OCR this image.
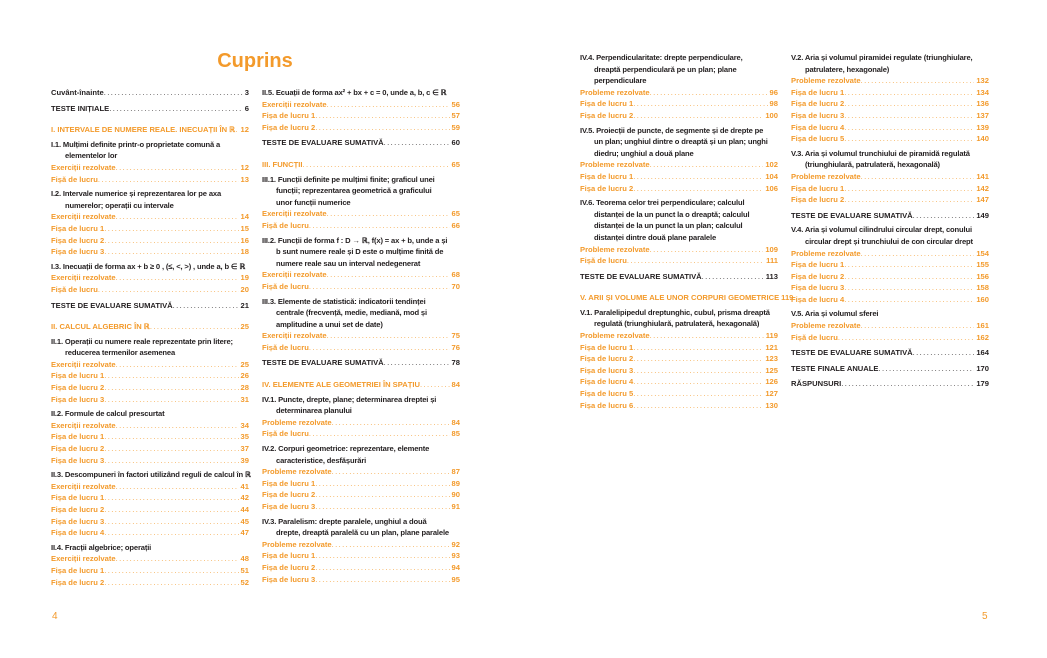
Cuprins
4	5
Cuvânt-înainte .....	3
TESTE INIȚIALE .....	6
I. INTERVALE DE NUMERE REALE. INECUAȚII ÎN ℝ ..... 12
I.1. Mulțimi definite printr-o proprietate comună a
elementelor lor
Exerciții rezolvate .....	12
Fișă de lucru .....	13
I.2. Intervale numerice și reprezentarea lor pe axa
numerelor; operații cu intervale
Exerciții rezolvate .....	14
Fișa de lucru 1 .....	15
Fișa de lucru 2 .....	16
Fișa de lucru 3 .....	18
I.3. Inecuații de forma ax + b ≥ 0 , (≤, <, >) , unde a, b ∈ ℝ
Exerciții rezolvate .....	19
Fișă de lucru .....	20
TESTE DE EVALUARE SUMATIVĂ .....	21
II. CALCUL ALGEBRIC ÎN ℝ .....	25
II.1. Operații cu numere reale reprezentate prin litere;
reducerea termenilor asemenea
Exerciții rezolvate .....	25
Fișa de lucru 1 .....	26
Fișa de lucru 2 .....	28
Fișa de lucru 3 .....	31
II.2. Formule de calcul prescurtat
Exerciții rezolvate .....	34
Fișa de lucru 1 .....	35
Fișa de lucru 2 .....	37
Fișa de lucru 3 .....	39
II.3. Descompuneri în factori utilizând reguli de calcul în ℝ
Exerciții rezolvate .....	41
Fișa de lucru 1 .....	42
Fișa de lucru 2 .....	44
Fișa de lucru 3 .....	45
Fișa de lucru 4 .....	47
II.4. Fracții algebrice; operații
Exerciții rezolvate .....	48
Fișa de lucru 1 .....	51
Fișa de lucru 2 .....	52
II.5. Ecuații de forma ax² + bx + c = 0, unde a, b, c ∈ ℝ
Exerciții rezolvate .....	56
Fișa de lucru 1 .....	57
Fișa de lucru 2 .....	59
TESTE DE EVALUARE SUMATIVĂ .....	60
III. FUNCȚII .....	65
III.1. Funcții definite pe mulțimi finite; graficul unei
funcții; reprezentarea geometrică a graficului
unor funcții numerice
Exerciții rezolvate .....	65
Fișă de lucru .....	66
III.2. Funcții de forma f : D → ℝ, f(x) = ax + b, unde a și
b sunt numere reale și D este o mulțime finită de
numere reale sau un interval nedegenerat
Exerciții rezolvate .....	68
Fișă de lucru .....	70
III.3. Elemente de statistică: indicatorii tendinței
centrale (frecvență, medie, mediană, mod și
amplitudine a unui set de date)
Exerciții rezolvate .....	75
Fișă de lucru .....	76
TESTE DE EVALUARE SUMATIVĂ .....	78
IV. ELEMENTE ALE GEOMETRIEI ÎN SPAȚIU .....	84
IV.1. Puncte, drepte, plane; determinarea dreptei și
determinarea planului
Probleme rezolvate .....	84
Fișă de lucru .....	85
IV.2. Corpuri geometrice: reprezentare, elemente
caracteristice, desfășurări
Probleme rezolvate .....	87
Fișa de lucru 1 .....	89
Fișa de lucru 2 .....	90
Fișa de lucru 3 .....	91
IV.3. Paralelism: drepte paralele, unghiul a două
drepte, dreaptă paralelă cu un plan, plane paralele
Probleme rezolvate .....	92
Fișa de lucru 1 .....	93
Fișa de lucru 2 .....	94
Fișa de lucru 3 .....	95
IV.4. Perpendicularitate: drepte perpendiculare,
dreaptă perpendiculară pe un plan; plane
perpendiculare
Probleme rezolvate .....	96
Fișa de lucru 1 .....	98
Fișa de lucru 2 .....	100
IV.5. Proiecții de puncte, de segmente și de drepte pe
un plan; unghiul dintre o dreaptă și un plan; unghi
diedru; unghiul a două plane
Probleme rezolvate .....	102
Fișa de lucru 1 .....	104
Fișa de lucru 2 .....	106
IV.6. Teorema celor trei perpendiculare; calculul
distanței de la un punct la o dreaptă; calculul
distanței de la un punct la un plan; calculul
distanței dintre două plane paralele
Probleme rezolvate .....	109
Fișă de lucru .....	111
TESTE DE EVALUARE SUMATIVĂ .....	113
V. ARII ȘI VOLUME ALE UNOR CORPURI GEOMETRICE 119
V.1. Paralelipipedul dreptunghic, cubul, prisma dreaptă
regulată (triunghiulară, patrulateră, hexagonală)
Probleme rezolvate .....	119
Fișa de lucru 1 .....	121
Fișa de lucru 2 .....	123
Fișa de lucru 3 .....	125
Fișa de lucru 4 .....	126
Fișa de lucru 5 .....	127
Fișa de lucru 6 .....	130
V.2. Aria și volumul piramidei regulate (triunghiulare,
patrulatere, hexagonale)
Probleme rezolvate .....	132
Fișa de lucru 1 .....	134
Fișa de lucru 2 .....	136
Fișa de lucru 3 .....	137
Fișa de lucru 4 .....	139
Fișa de lucru 5 .....	140
V.3. Aria și volumul trunchiului de piramidă regulată
(triunghiulară, patrulateră, hexagonală)
Probleme rezolvate .....	141
Fișa de lucru 1 .....	142
Fișa de lucru 2 .....	147
TESTE DE EVALUARE SUMATIVĂ .....	149
V.4. Aria și volumul cilindrului circular drept, conului
circular drept și trunchiului de con circular drept
Probleme rezolvate .....	154
Fișa de lucru 1 .....	155
Fișa de lucru 2 .....	156
Fișa de lucru 3 .....	158
Fișa de lucru 4 .....	160
V.5. Aria și volumul sferei
Probleme rezolvate .....	161
Fișă de lucru .....	162
TESTE DE EVALUARE SUMATIVĂ .....	164
TESTE FINALE ANUALE .....	170
RĂSPUNSURI .....	179
